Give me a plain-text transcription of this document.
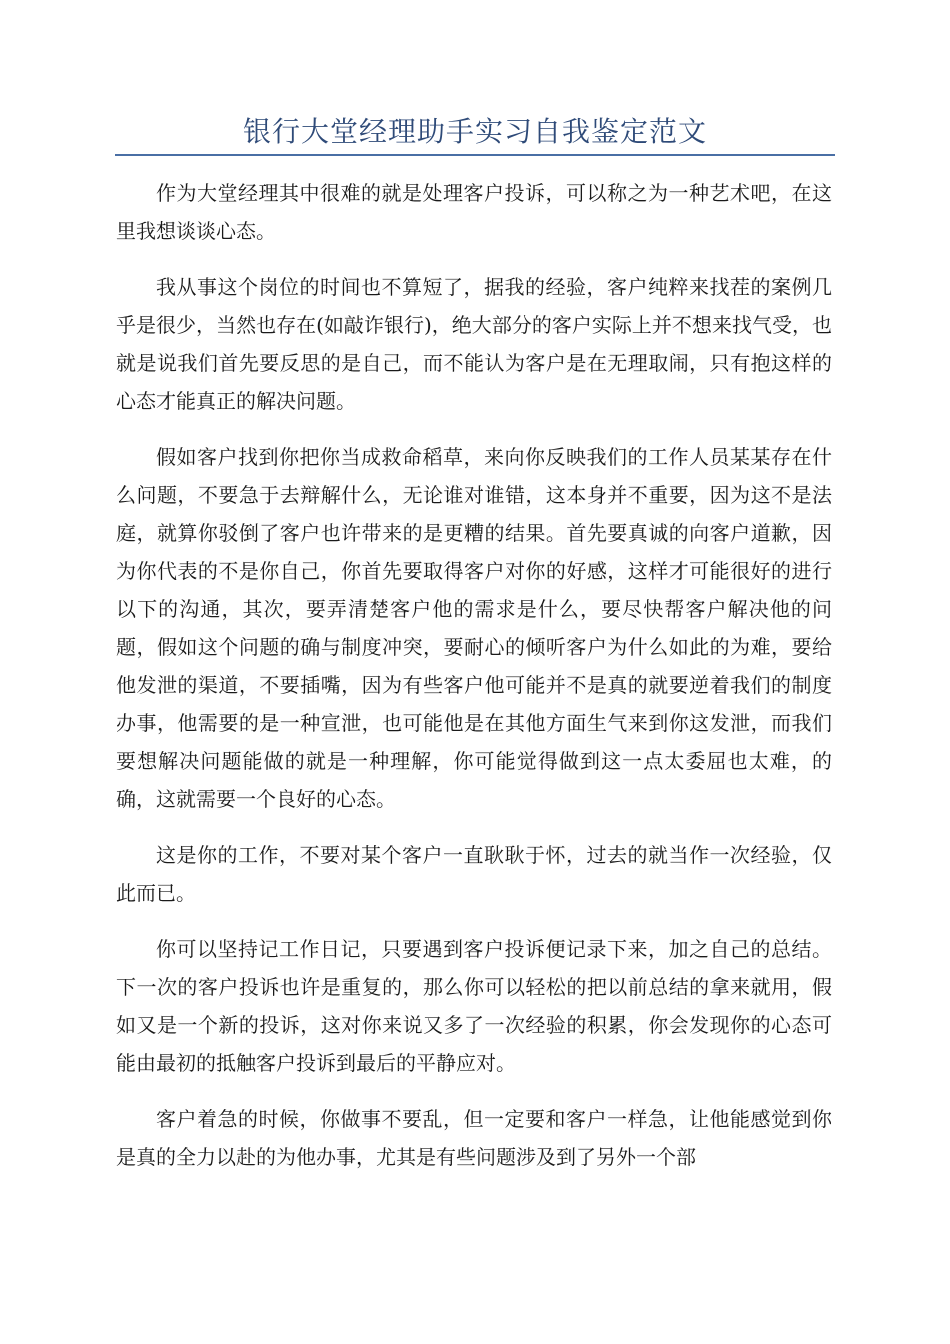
银行大堂经理助手实习自我鉴定范文

作为大堂经理其中很难的就是处理客户投诉，可以称之为一种艺术吧，在这里我想谈谈心态。

我从事这个岗位的时间也不算短了，据我的经验，客户纯粹来找茬的案例几乎是很少，当然也存在(如敲诈银行)，绝大部分的客户实际上并不想来找气受，也就是说我们首先要反思的是自己，而不能认为客户是在无理取闹，只有抱这样的心态才能真正的解决问题。

假如客户找到你把你当成救命稻草，来向你反映我们的工作人员某某存在什么问题，不要急于去辩解什么，无论谁对谁错，这本身并不重要，因为这不是法庭，就算你驳倒了客户也许带来的是更糟的结果。首先要真诚的向客户道歉，因为你代表的不是你自己，你首先要取得客户对你的好感，这样才可能很好的进行以下的沟通，其次，要弄清楚客户他的需求是什么，要尽快帮客户解决他的问题，假如这个问题的确与制度冲突，要耐心的倾听客户为什么如此的为难，要给他发泄的渠道，不要插嘴，因为有些客户他可能并不是真的就要逆着我们的制度办事，他需要的是一种宣泄，也可能他是在其他方面生气来到你这发泄，而我们要想解决问题能做的就是一种理解，你可能觉得做到这一点太委屈也太难，的确，这就需要一个良好的心态。

这是你的工作，不要对某个客户一直耿耿于怀，过去的就当作一次经验，仅此而已。

你可以坚持记工作日记，只要遇到客户投诉便记录下来，加之自己的总结。下一次的客户投诉也许是重复的，那么你可以轻松的把以前总结的拿来就用，假如又是一个新的投诉，这对你来说又多了一次经验的积累，你会发现你的心态可能由最初的抵触客户投诉到最后的平静应对。

客户着急的时候，你做事不要乱，但一定要和客户一样急，让他能感觉到你是真的全力以赴的为他办事，尤其是有些问题涉及到了另外一个部
